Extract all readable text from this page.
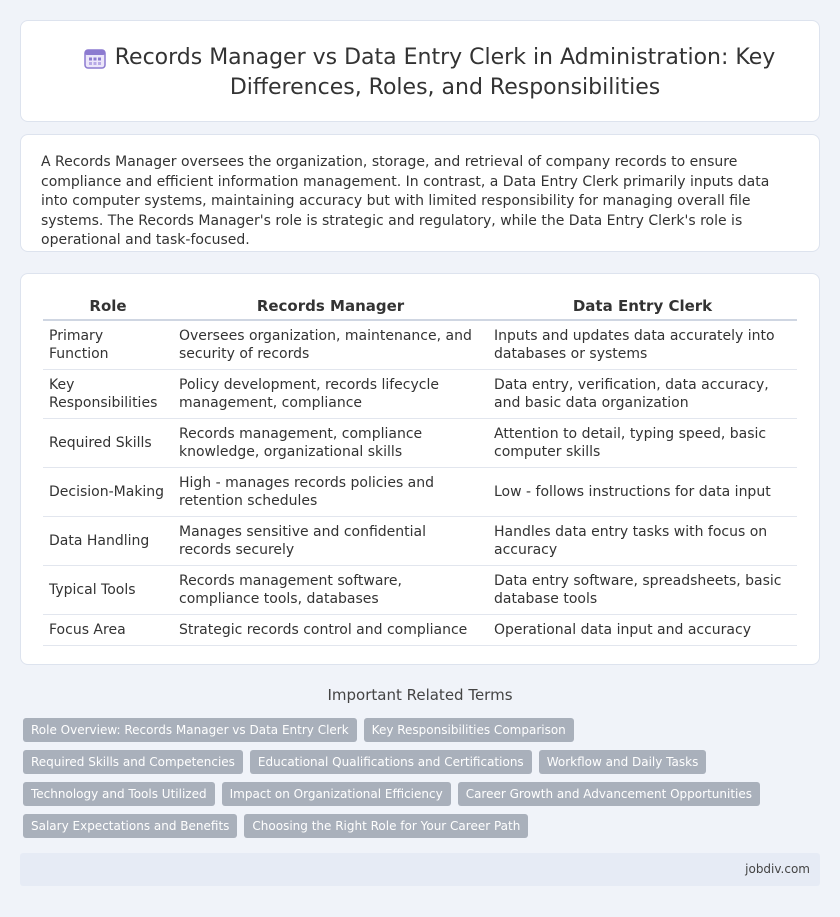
Records Manager vs Data Entry Clerk in Administration: Key Differences, Roles, and Responsibilities

A Records Manager oversees the organization, storage, and retrieval of company records to ensure compliance and efficient information management. In contrast, a Data Entry Clerk primarily inputs data into computer systems, maintaining accuracy but with limited responsibility for managing overall file systems. The Records Manager's role is strategic and regulatory, while the Data Entry Clerk's role is operational and task-focused.

Role	Records Manager	Data Entry Clerk
Primary Function	Oversees organization, maintenance, and security of records	Inputs and updates data accurately into databases or systems
Key Responsibilities	Policy development, records lifecycle management, compliance	Data entry, verification, data accuracy, and basic data organization
Required Skills	Records management, compliance knowledge, organizational skills	Attention to detail, typing speed, basic computer skills
Decision-Making	High - manages records policies and retention schedules	Low - follows instructions for data input
Data Handling	Manages sensitive and confidential records securely	Handles data entry tasks with focus on accuracy
Typical Tools	Records management software, compliance tools, databases	Data entry software, spreadsheets, basic database tools
Focus Area	Strategic records control and compliance	Operational data input and accuracy
Important Related Terms
Role Overview: Records Manager vs Data Entry Clerk	Key Responsibilities Comparison
Required Skills and Competencies	Educational Qualifications and Certifications	Workflow and Daily Tasks
Technology and Tools Utilized	Impact on Organizational Efficiency	Career Growth and Advancement Opportunities
Salary Expectations and Benefits	Choosing the Right Role for Your Career Path
jobdiv.com
